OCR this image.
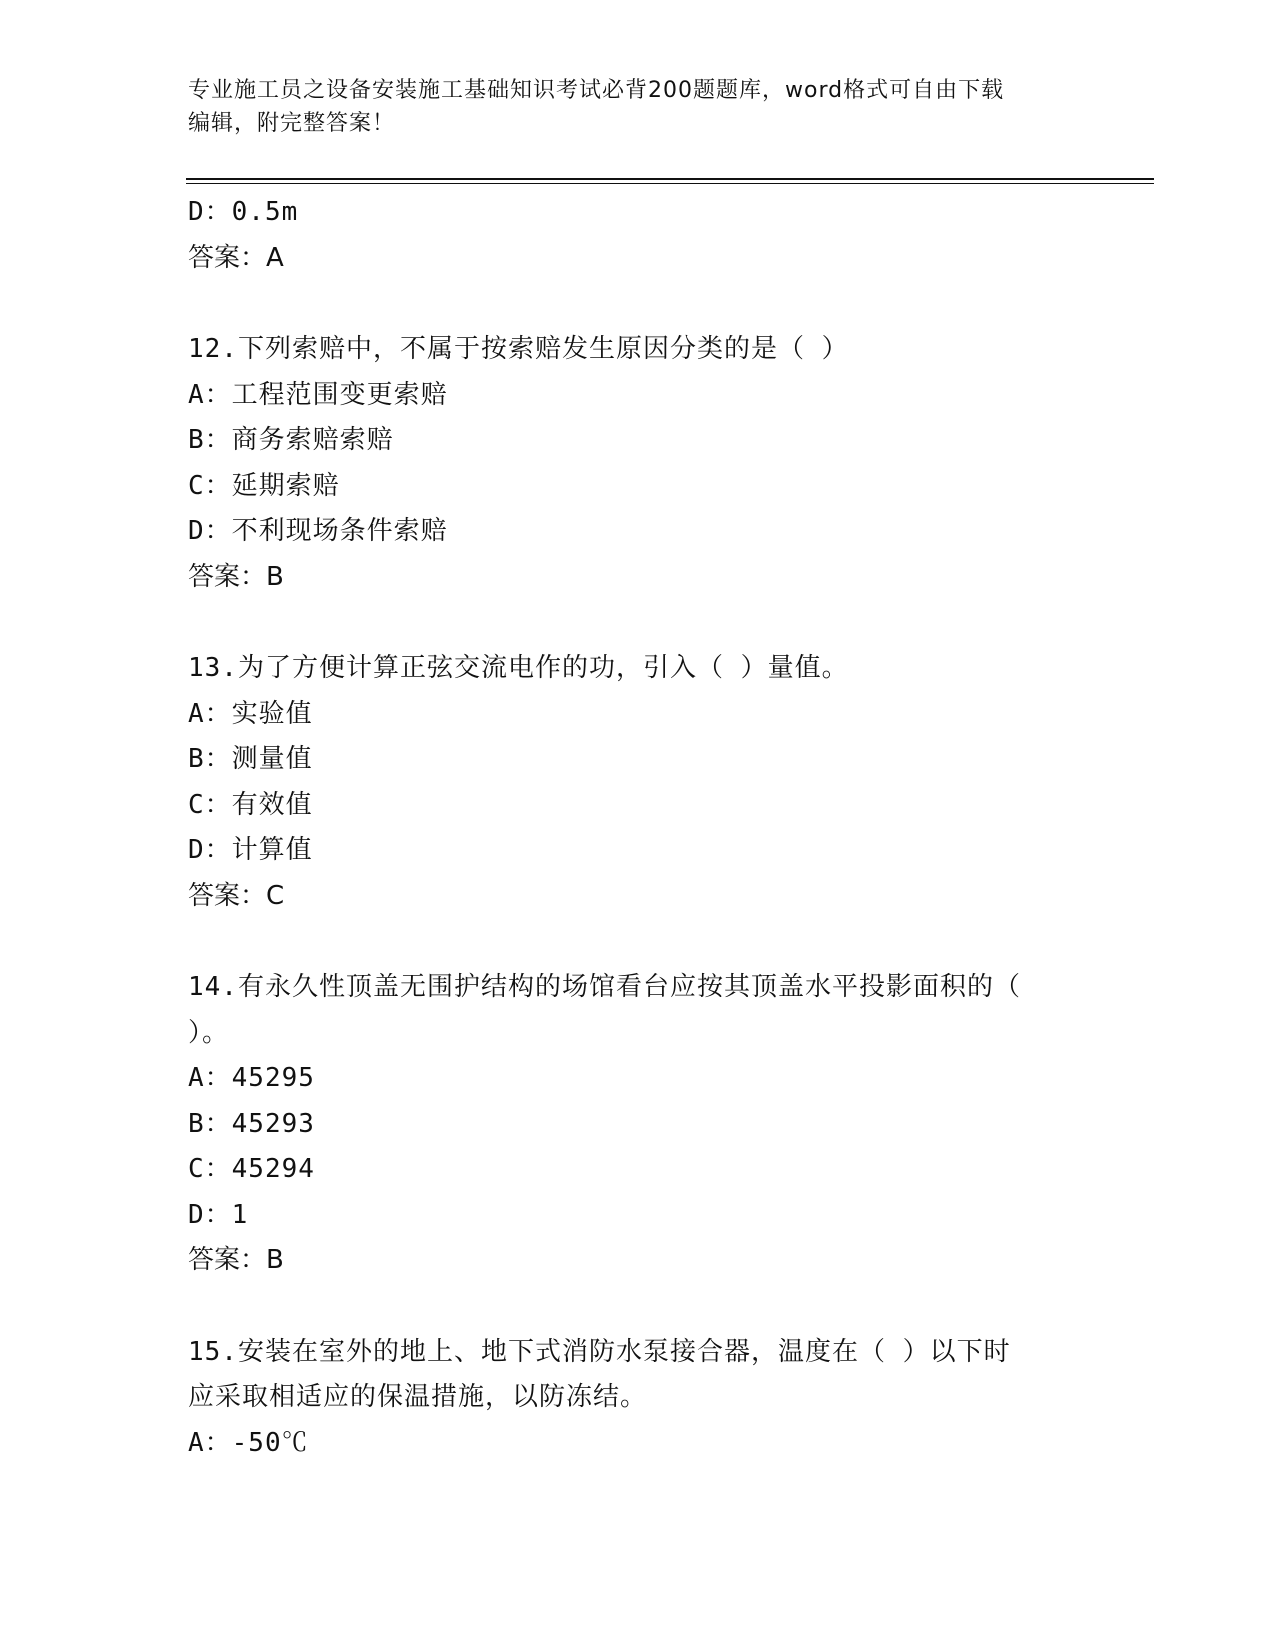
专业施工员之设备安装施工基础知识考试必背200题题库，word格式可自由下载
编辑，附完整答案！

D：0.5m

答案：A

12.下列索赔中，不属于按索赔发生原因分类的是（ ）

A：工程范围变更索赔

B：商务索赔索赔

C：延期索赔

D：不利现场条件索赔

答案：B

13.为了方便计算正弦交流电作的功，引入（ ）量值。

A：实验值

B：测量值

C：有效值

D：计算值

答案：C

14.有永久性顶盖无围护结构的场馆看台应按其顶盖水平投影面积的（

）。

A：45295

B：45293

C：45294

D：1

答案：B

15.安装在室外的地上、地下式消防水泵接合器，温度在（ ）以下时

应采取相适应的保温措施，以防冻结。

A：-50℃
